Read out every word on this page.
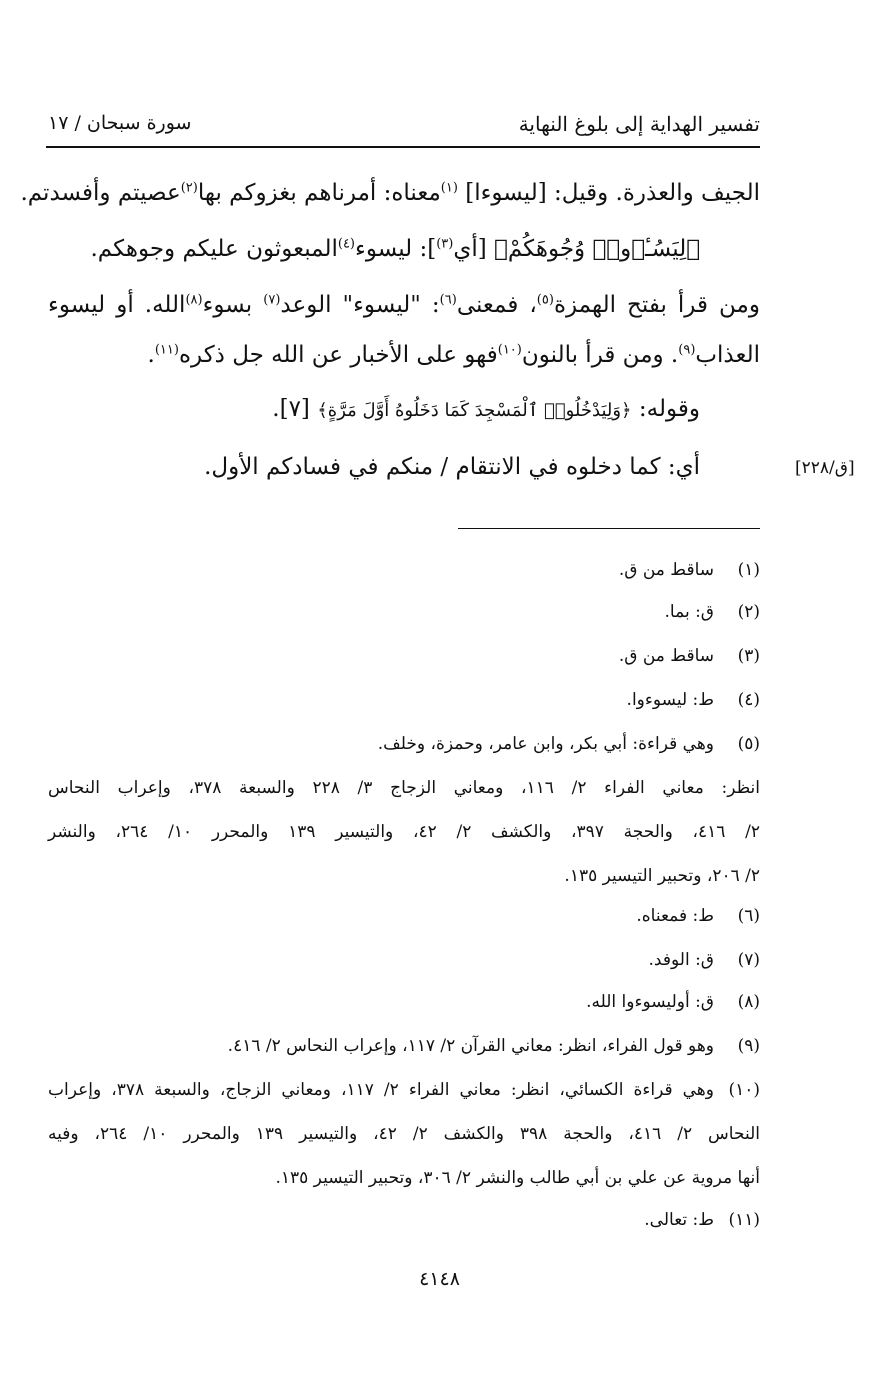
تفسير الهداية إلى بلوغ النهاية
سورة سبحان / ١٧
الجيف والعذرة. وقيل: [ليسوءا] $^{(١)}$معناه: أمرناهم بغزوكم بها$^{(٢)}$عصيتم وأفسدتم.
﴿لِيَسُـٔۥوا۟ وُجُوهَكُمْ﴾ [أي$^{(٣)}$]: ليسوء$^{(٤)}$المبعوثون عليكم وجوهكم.
ومن قرأ بفتح الهمزة$^{(٥)}$، فمعنى$^{(٦)}$: "ليسوء" الوعد$^{(٧)}$ بسوء$^{(٨)}$الله. أو ليسوء
العذاب$^{(٩)}$. ومن قرأ بالنون$^{(١٠)}$فهو على الأخبار عن الله جل ذكره$^{(١١)}$.
وقوله: ﴿وَلِيَدْخُلُوا۟ ٱلْمَسْجِدَ كَمَا دَخَلُوهُ أَوَّلَ مَرَّةٍ﴾ [٧].
أي: كما دخلوه في الانتقام / منكم في فسادكم الأول.	[ق/٢٢٨]
(١)ساقط من ق.
(٢)ق: بما.
(٣)ساقط من ق.
(٤)ط: ليسوءوا.
(٥)وهي قراءة: أبي بكر، وابن عامر، وحمزة، وخلف.
انظر: معاني الفراء ٢/ ١١٦، ومعاني الزجاج ٣/ ٢٢٨ والسبعة ٣٧٨، وإعراب النحاس
٢/ ٤١٦، والحجة ٣٩٧، والكشف ٢/ ٤٢، والتيسير ١٣٩ والمحرر ١٠/ ٢٦٤، والنشر
٢/ ٢٠٦، وتحبير التيسير ١٣٥.
(٦)ط: فمعناه.
(٧)ق: الوفد.
(٨)ق: أوليسوءوا الله.
(٩)وهو قول الفراء، انظر: معاني القرآن ٢/ ١١٧، وإعراب النحاس ٢/ ٤١٦.
(١٠)وهي قراءة الكسائي، انظر: معاني الفراء ٢/ ١١٧، ومعاني الزجاج، والسبعة ٣٧٨، وإعراب
النحاس ٢/ ٤١٦، والحجة ٣٩٨ والكشف ٢/ ٤٢، والتيسير ١٣٩ والمحرر ١٠/ ٢٦٤، وفيه
أنها مروية عن علي بن أبي طالب والنشر ٢/ ٣٠٦، وتحبير التيسير ١٣٥.
(١١)ط: تعالى.
٤١٤٨
